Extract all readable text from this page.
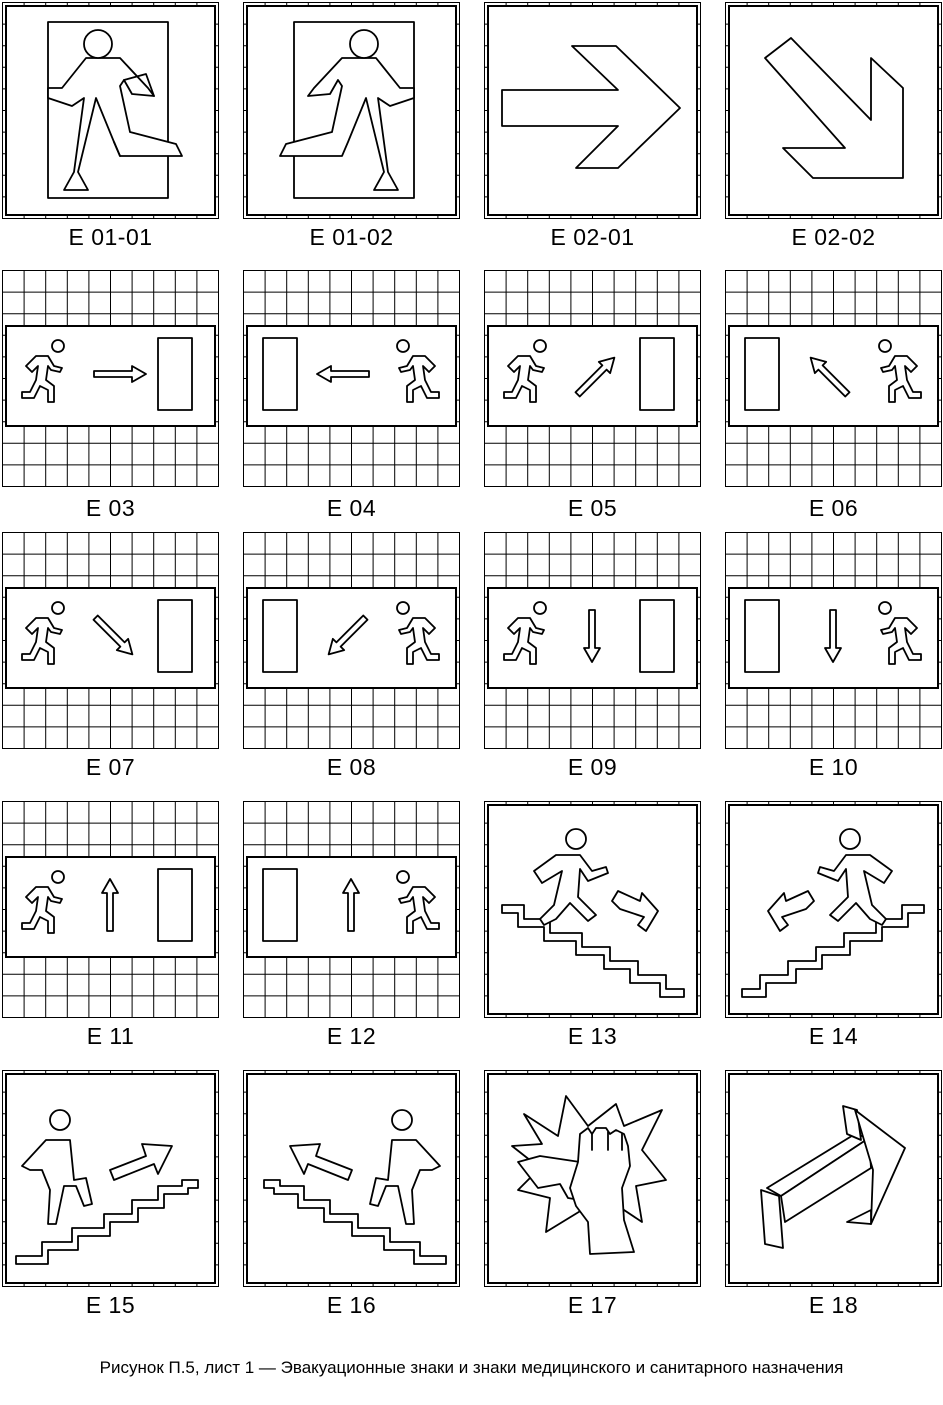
E 01-01	E 01-02	E 02-01	E 02-02
E 03	E 04	E 05	E 06
E 07	E 08	E 09	E 10
E 11	E 12	E 13	E 14
E 15	E 16	E 17	E 18
Рисунок П.5, лист 1 — Эвакуационные знаки и знаки медицинского и санитарного назначения
